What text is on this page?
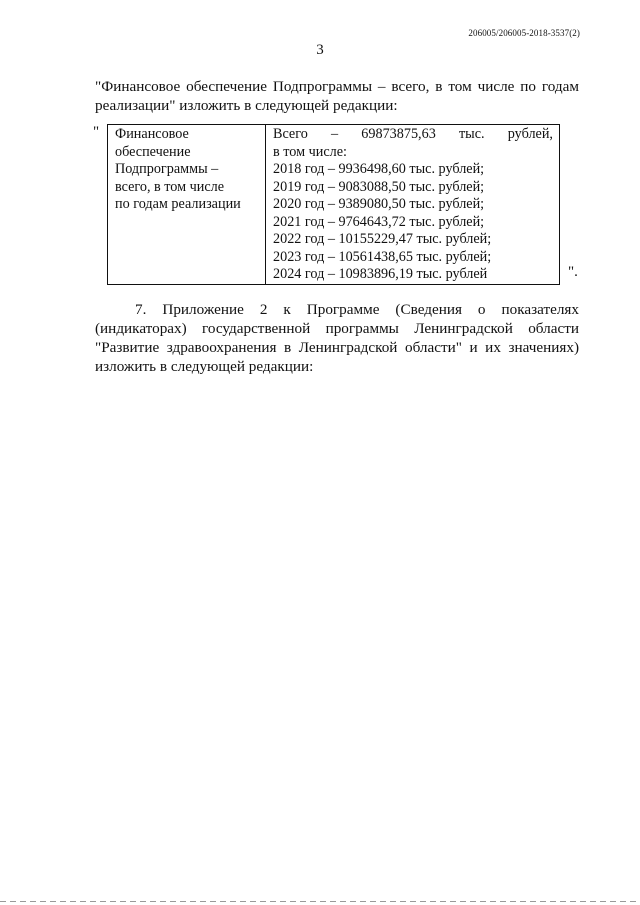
206005/206005-2018-3537(2)
3
"Финансовое обеспечение Подпрограммы – всего, в том числе по годам
реализации" изложить в следующей редакции:
" Финансовое
обеспечение
Подпрограммы –
всего, в том числе
по годам реализации

Всего – 69873875,63 тыс. рублей,
в том числе:
2018 год – 9936498,60 тыс. рублей;
2019 год – 9083088,50 тыс. рублей;
2020 год – 9389080,50 тыс. рублей;
2021 год – 9764643,72 тыс. рублей;
2022 год – 10155229,47 тыс. рублей;
2023 год – 10561438,65 тыс. рублей;
2024 год – 10983896,19 тыс. рублей	".
7. Приложение 2 к Программе (Сведения о показателях
(индикаторах) государственной программы Ленинградской области
"Развитие здравоохранения в Ленинградской области" и их значениях)
изложить в следующей редакции:
